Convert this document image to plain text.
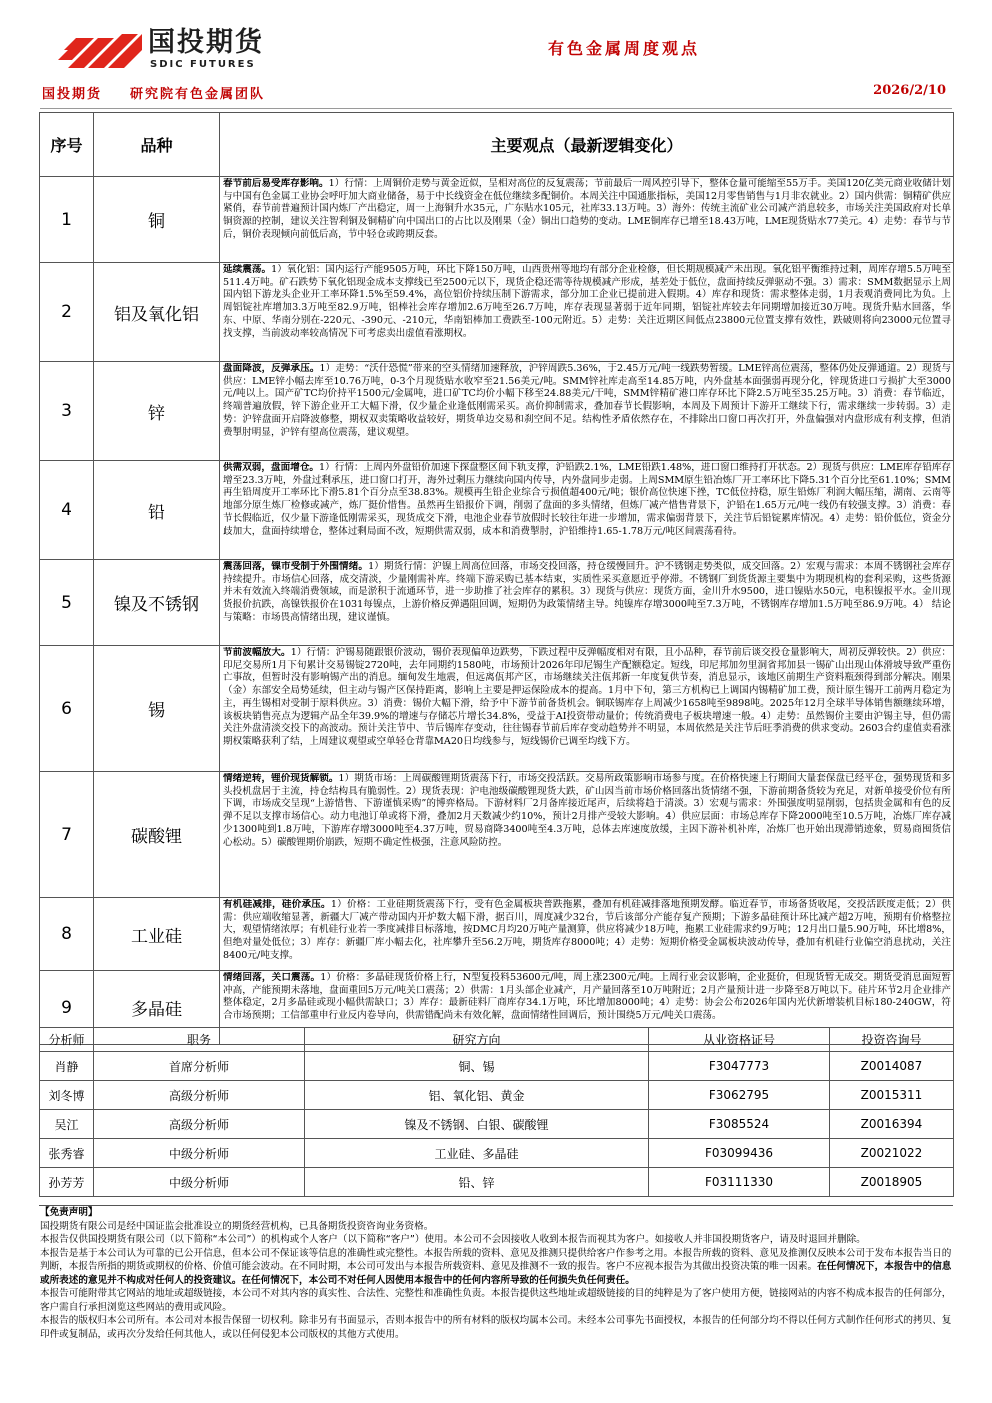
国投期货
SDIC FUTURES
有色金属周度观点
国投期货 研究院有色金属团队	2026/2/10
序号	品种	主要观点（最新逻辑变化）
1	铜	春节前后易受库存影响。1）行情：上周铜价走势与黄金近似，呈相对高位的反复震荡；节前最后一周风控引导下，整体仓量可能缩至55万手。美国120亿美元商业收储计划与中国有色金属工业协会呼吁加大商业储备，易于中长线资金在低位继续多配铜价。本周关注中国通胀指标，美国12月零售销售与1月非农就业。2）国内供需：铜精矿供应紧俏，春节前普遍预计国内炼厂产出稳定，周一上海铜升水35元，广东贴水105元，社库33.13万吨。3）海外：传统主流矿业公司减产消息较多，市场关注美国政府对长单铜资源的控制，建议关注智利铜及铜精矿向中国出口的占比以及刚果（金）铜出口趋势的变动。LME铜库存已增至18.43万吨，LME现货贴水77美元。4）走势：春节与节后，铜价表现倾向前低后高，节中轻仓或跨期反套。

2	铝及氧化铝	延续震荡。1）氧化铝：国内运行产能9505万吨，环比下降150万吨，山西贵州等地均有部分企业检修，但长期规模减产未出现。氧化铝平衡维持过剩，周库存增5.5万吨至511.4万吨。矿石跌势下氧化铝现金成本支撑线已至2500元以下，现货企稳还需等待规模减产形成，基差处于低位，盘面持续反弹驱动不强。3）需求：SMM数据显示上周国内铝下游龙头企业开工率环降1.5%至59.4%，高位铝价持续压制下游需求，部分加工企业已提前进入假期。4）库存和现货：需求整体走弱，1月表观消费同比为负。上周铝锭社库增加3.3万吨至82.9万吨，铝棒社会库存增加2.6万吨至26.7万吨，库存表现显著弱于近年同期，铝锭社库较去年同期增加接近30万吨。现货升贴水回落，华东、中原、华南分别在-220元、-390元、-210元，华南铝棒加工费跌至-100元附近。5）走势：关注近期区间低点23800元位置支撑有效性，跌破则将向23000元位置寻找支撑，当前波动率较高情况下可考虑卖出虚值看涨期权。

3	锌	盘面降波，反弹承压。1）走势：“沃什恐慌”带来的空头情绪加速释放，沪锌周跌5.36%，于2.45万元/吨一线跌势暂缓。LME锌高位震荡，整体仍处反弹通道。2）现货与供应：LME锌小幅去库至10.76万吨，0-3个月现货贴水收窄至21.56美元/吨。SMM锌社库走高至14.85万吨，内外盘基本面强弱再现分化，锌现货进口亏损扩大至3000元/吨以上。国产矿TC均价持平1500元/金属吨，进口矿TC均价小幅下移至24.88美元/干吨，SMM锌精矿港口库存环比下降2.5万吨至35.25万吨。3）消费：春节临近，终端普遍放假，锌下游企业开工大幅下滑，仅少量企业逢低刚需采买。高价抑制需求，叠加春节长假影响，本周及下周预计下游开工继续下行，需求继续一步转弱。3）走势：沪锌盘面开启降波修整，期权双卖策略收益较好，期货单边交易和刹空间不足。结构性矛盾依然存在，不排除出口窗口再次打开，外盘偏强对内盘形成有利支撑，但消费掣肘明显，沪锌有望高位震荡，建议观望。

4	铅	供需双弱，盘面增仓。1）行情：上周内外盘铅价加速下探盘整区间下轨支撑，沪铅跌2.1%，LME铅跌1.48%，进口窗口维持打开状态。2）现货与供应：LME库存铅库存增至23.3万吨，外盘过剩承压，进口窗口打开，海外过剩压力继续向国内传导，内外盘同步走弱。上周SMM原生铅冶炼厂开工率环比下降5.31个百分比至61.10%；SMM再生铅周度开工率环比下滑5.81个百分点至38.83%。规模再生铅企业综合亏损值超400元/吨；银价高位快速下挫，TC低位持稳，原生铅炼厂利润大幅压缩，湖南、云南等地部分原生炼厂检修或减产，炼厂挺价惜售。虽然再生铅报价下调，削弱了盘面的多头情绪，但炼厂减产惜售背景下，沪铅在1.65万元/吨一线仍有较强支撑。3）消费：春节长假临近，仅少量下游逢低刚需采买，现货成交下滑，电池企业春节放假时长较往年进一步增加，需求偏弱背景下，关注节后铅锭累库情况。4）走势：铅价低位，资金分歧加大，盘面持续增仓，整体过剩局面不改，短期供需双弱，成本和消费掣肘，沪铅维持1.65-1.78万元/吨区间震荡看待。

5	镍及不锈钢	震荡回落，镍市受制于外围情绪。1）期货行情：沪镍上周高位回落，市场交投回落，持仓缓慢回升。沪不锈钢走势类似，成交回落。2）宏观与需求：本周不锈钢社会库存持续提升。市场信心回落，成交清淡，少量刚需补库。终端下游采购已基本结束，实质性采买意愿近乎停滞。不锈钢厂到货货源主要集中为期现机构的套利采购，这些货源并未有效流入终端消费领域，而是淤积于流通环节，进一步助推了社会库存的累积。3）现货与供应：现货方面，金川升水9500，进口镍贴水50元，电积镍报平水。金川现货报价抗跌，高镍铁报价在1031每镍点，上游价格反弹遇阻回调，短期仍为政策情绪主导。纯镍库存增3000吨至7.3万吨，不锈钢库存增加1.5万吨至86.9万吨。4） 结论与策略：市场畏高情绪出现，建议谨慎。

6	锡	节前波幅放大。1）行情：沪锡易随跟银价波动，锡价表现偏单边跌势，下跌过程中反弹幅度相对有限，且小品种，春节前后谈交投仓量影响大，周初反弹较快。2）供应：印尼交易所1月下旬累计交易锡锭2720吨，去年同期约1580吨，市场预计2026年印尼锡生产配额稳定。短线，印尼邦加勿里洞省邦加县一锡矿山出现山体滑坡导致严重伤亡事故，但暂时没有影响锡产出的消息。缅甸发生地震，但远离佤邦产区，市场继续关注佤邦新一年度复供节奏，消息显示，该地区前期生产资料瓶颈得到部分解决。刚果（金）东部安全局势延续，但主动与锡产区保持距离，影响上主要是押运保险成本的提高。1月中下旬，第三方机构已上调国内锡精矿加工费，预计原生锡开工前两月稳定为主，再生锡相对受制于原料供应。3）消费：锡价大幅下滑，给予中下游节前备货机会。铜联锡库存上周减少1658吨至9898吨。2025年12月全球半导体销售额继续环增，该板块销售亮点为逻辑产品全年39.9%的增速与存储芯片增长34.8%，受益于AI投资带动量价；传统消费电子板块增速一般。4）走势：虽然锡价主要由沪锡主导，但仍需关注外盘清淡交投下的高波动。预计关注节中、节后锡库存变动，往往锡春节前后库存变动趋势并不明显，本周依然是关注节后旺季消费的供求变动。2603合约虚值卖看涨期权策略获利了结，上周建议观望或空单轻仓背靠MA20日均线参与，短线锡价已调至均线下方。

7	碳酸锂	情绪逆转，锂价现货解锁。1）期货市场：上周碳酸锂期货震荡下行，市场交投活跃。交易所政策影响市场参与度。在价格快速上行期间大量套保盘已经平仓，强势现货和多头投机盘居于主流，持仓结构具有脆弱性。2）现货表现：沪电池级碳酸锂现货大跌，矿山因当前市场价格回落出货情绪不强，下游前期备货较为充足，对新单接受价位有所下调，市场成交呈现“上游惜售、下游谨慎采购”的博弈格局。下游材料厂2月备库接近尾声，后续将趋于清淡。3）宏观与需求：外围强度明显削弱，包括贵金属和有色的反弹不足以支撑市场信心。动力电池订单或将下滑，叠加2月天数减少约10%，预计2月排产受较大影响。4）供应层面：市场总库存下降2000吨至10.5万吨，冶炼厂库存减少1300吨到1.8万吨，下游库存增3000吨至4.37万吨，贸易商降3400吨至4.3万吨，总体去库速度放缓，主因下游补机补库，冶炼厂也开始出现滞销迹象，贸易商囤货信心松动。5）碳酸锂期价崩跌，短期不确定性极强，注意风险防控。

8	工业硅	有机硅减排，硅价承压。1）价格：工业硅期货震荡下行，受有色金属板块普跌拖累，叠加有机硅减排落地预期发酵。临近春节，市场备货收尾，交投活跃度走低；2）供需：供应端收缩显著，新疆大厂减产带动国内开炉数大幅下滑，据百川，周度减少32台，节后该部分产能存复产预期；下游多晶硅预计环比减产超2万吨，预期有价格整拉大，观望情绪浓厚；有机硅行业若一季度减排目标落地，按DMC月均20万吨产量测算，供应将减少18万吨，拖累工业硅需求约9万吨；12月出口量5.90万吨，环比增8%，但绝对量处低位；3）库存：新疆厂库小幅去化，社库攀升至56.2万吨，期货库存8000吨；4）走势：短期价格受金属板块波动传导，叠加有机硅行业偏空消息扰动，关注8400元/吨支撑。

9	多晶硅	情绪回落，关口震荡。1）价格：多晶硅现货价格上行，N型复投料53600元/吨，周上涨2300元/吨。上周行业会议影响，企业挺价，但现货暂无成交。期货受消息面短暂冲高，产能预期未落地，盘面重回5万元/吨关口震荡；2）供需：1月头部企业减产，月产量回落至10万吨附近；2月产量预计进一步降至8万吨以下。硅片环节2月企业排产整体稳定，2月多晶硅或现小幅供需缺口；3）库存：最新硅料厂商库存34.1万吨，环比增加8000吨；4）走势：协会公布2026年国内光伏新增装机目标180-240GW，符合市场预期；工信部重申行业反内卷导向，供需错配尚未有效化解，盘面情绪性回调后，预计围绕5万元/吨关口震荡。
分析师	职务	研究方向	从业资格证号	投资咨询号
肖静	首席分析师	铜、锡	F3047773	Z0014087
刘冬博	高级分析师	铝、氧化铝、黄金	F3062795	Z0015311
吴江	高级分析师	镍及不锈钢、白银、碳酸锂	F3085524	Z0016394
张秀睿	中级分析师	工业硅、多晶硅	F03099436	Z0021022
孙芳芳	中级分析师	铅、锌	F03111330	Z0018905

【免责声明】

国投期货有限公司是经中国证监会批准设立的期货经营机构，已具备期货投资咨询业务资格。

本报告仅供国投期货有限公司（以下简称“本公司”）的机构或个人客户（以下简称“客户”）使用。本公司不会因接收人收到本报告而视其为客户。如接收人并非国投期货客户，请及时退回并删除。

本报告是基于本公司认为可靠的已公开信息，但本公司不保证该等信息的准确性或完整性。本报告所载的资料、意见及推测只提供给客户作参考之用。本报告所载的资料、意见及推测仅反映本公司于发布本报告当日的判断，本报告所指的期货或期权的价格、价值可能会波动。在不同时期，本公司可发出与本报告所载资料、意见及推测不一致的报告。客户不应视本报告为其做出投资决策的唯一因素。在任何情况下，本报告中的信息或所表述的意见并不构成对任何人的投资建议。在任何情况下，本公司不对任何人因使用本报告中的任何内容所导致的任何损失负任何责任。

本报告可能附带其它网站的地址或超级链接，本公司不对其内容的真实性、合法性、完整性和准确性负责。本报告提供这些地址或超级链接的目的纯粹是为了客户使用方便，链接网站的内容不构成本报告的任何部分，客户需自行承担浏览这些网站的费用或风险。

本报告的版权归本公司所有。本公司对本报告保留一切权利。除非另有书面显示，否则本报告中的所有材料的版权均属本公司。未经本公司事先书面授权，本报告的任何部分均不得以任何方式制作任何形式的拷贝、复印件或复制品，或再次分发给任何其他人，或以任何侵犯本公司版权的其他方式使用。
